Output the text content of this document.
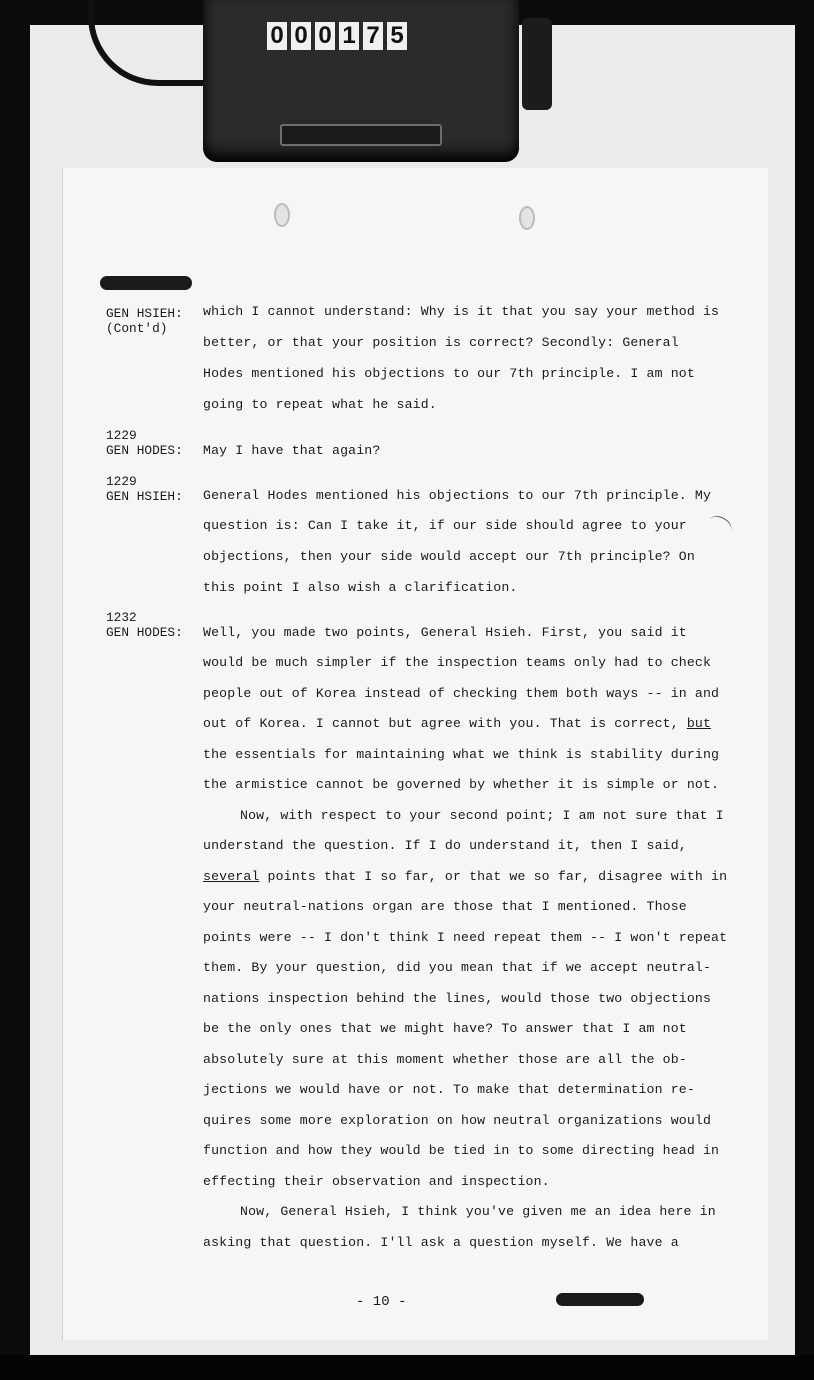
0 0 0 1 7 5
GEN HSIEH:
(Cont'd)
1229
GEN HODES:
1229
GEN HSIEH:
1232
GEN HODES:
which I cannot understand: Why is it that you say your method is
better, or that your position is correct? Secondly: General
Hodes mentioned his objections to our 7th principle. I am not
going to repeat what he said.
May I have that again?
General Hodes mentioned his objections to our 7th principle. My
question is: Can I take it, if our side should agree to your
objections, then your side would accept our 7th principle? On
this point I also wish a clarification.
Well, you made two points, General Hsieh. First, you said it
would be much simpler if the inspection teams only had to check
people out of Korea instead of checking them both ways -- in and
out of Korea. I cannot but agree with you. That is correct, but
the essentials for maintaining what we think is stability during
the armistice cannot be governed by whether it is simple or not.
Now, with respect to your second point; I am not sure that I
understand the question. If I do understand it, then I said,
several points that I so far, or that we so far, disagree with in
your neutral-nations organ are those that I mentioned. Those
points were -- I don't think I need repeat them -- I won't repeat
them. By your question, did you mean that if we accept neutral-
nations inspection behind the lines, would those two objections
be the only ones that we might have? To answer that I am not
absolutely sure at this moment whether those are all the ob-
jections we would have or not. To make that determination re-
quires some more exploration on how neutral organizations would
function and how they would be tied in to some directing head in
effecting their observation and inspection.
Now, General Hsieh, I think you've given me an idea here in
asking that question. I'll ask a question myself. We have a
- 10 -
